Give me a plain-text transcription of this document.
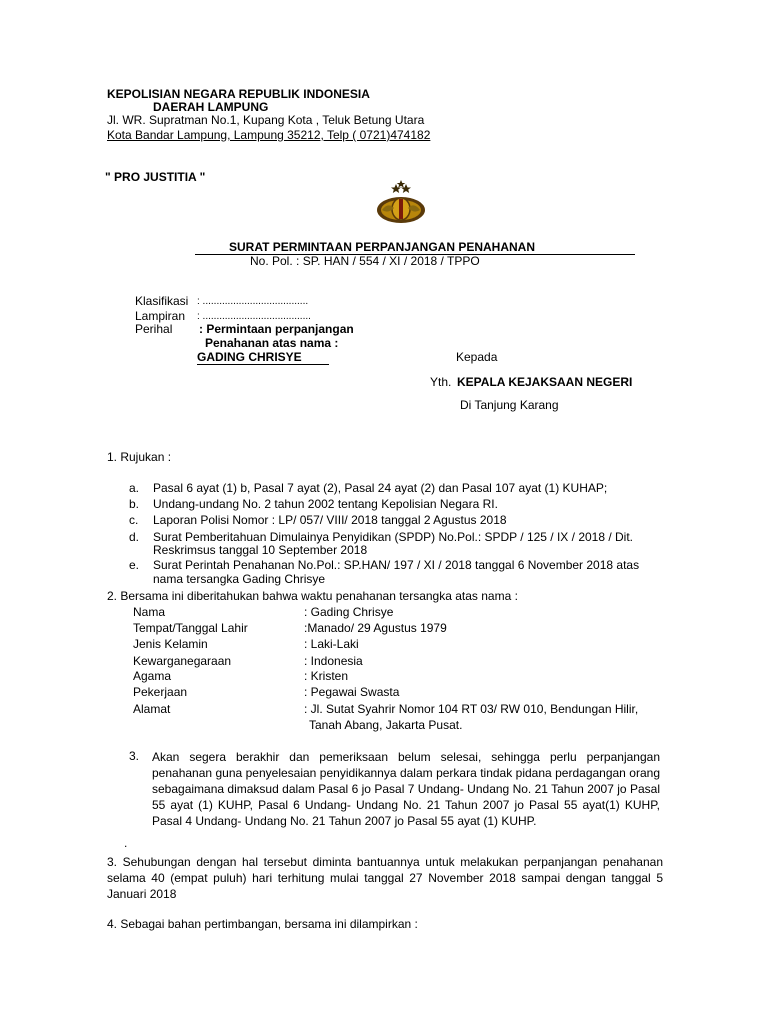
KEPOLISIAN NEGARA REPUBLIK INDONESIA
DAERAH LAMPUNG
Jl. WR. Supratman No.1, Kupang Kota , Teluk Betung Utara
Kota Bandar Lampung, Lampung 35212, Telp ( 0721)474182
" PRO JUSTITIA "
SURAT PERMINTAAN PERPANJANGAN PENAHANAN
No. Pol. : SP. HAN / 554 / XI / 2018 / TPPO
Klasifikasi : ......................................
Lampiran : .......................................
Perihal : Permintaan perpanjangan
Penahanan atas nama :
GADING CHRISYE	Kepada
Yth. KEPALA KEJAKSAAN NEGERI
Di Tanjung Karang
1. Rujukan :
a. Pasal 6 ayat (1) b, Pasal 7 ayat (2), Pasal 24 ayat (2) dan Pasal 107 ayat (1) KUHAP;
b. Undang-undang No. 2 tahun 2002 tentang Kepolisian Negara RI.
c. Laporan Polisi Nomor : LP/ 057/ VIII/ 2018 tanggal 2 Agustus 2018
d. Surat Pemberitahuan Dimulainya Penyidikan (SPDP) No.Pol.: SPDP / 125 / IX / 2018 / Dit.
Reskrimsus tanggal 10 September 2018
e. Surat Perintah Penahanan No.Pol.: SP.HAN/ 197 / XI / 2018 tanggal 6 November 2018 atas
nama tersangka Gading Chrisye
2. Bersama ini diberitahukan bahwa waktu penahanan tersangka atas nama :
Nama	: Gading Chrisye
Tempat/Tanggal Lahir	:Manado/ 29 Agustus 1979
Jenis Kelamin	: Laki-Laki
Kewarganegaraan	: Indonesia
Agama	: Kristen
Pekerjaan	: Pegawai Swasta
Alamat	: Jl. Sutat Syahrir Nomor 104 RT 03/ RW 010, Bendungan Hilir,
Tanah Abang, Jakarta Pusat.
3. Akan segera berakhir dan pemeriksaan belum selesai, sehingga perlu perpanjangan penahanan guna penyelesaian penyidikannya dalam perkara tindak pidana perdagangan orang sebagaimana dimaksud dalam Pasal 6 jo Pasal 7 Undang- Undang No. 21 Tahun 2007 jo Pasal 55 ayat (1) KUHP, Pasal 6 Undang- Undang No. 21 Tahun 2007 jo Pasal 55 ayat(1) KUHP, Pasal 4 Undang- Undang No. 21 Tahun 2007 jo Pasal 55 ayat (1) KUHP.
.
3. Sehubungan dengan hal tersebut diminta bantuannya untuk melakukan perpanjangan penahanan selama 40 (empat puluh) hari terhitung mulai tanggal 27 November 2018 sampai dengan tanggal 5 Januari 2018
4. Sebagai bahan pertimbangan, bersama ini dilampirkan :
